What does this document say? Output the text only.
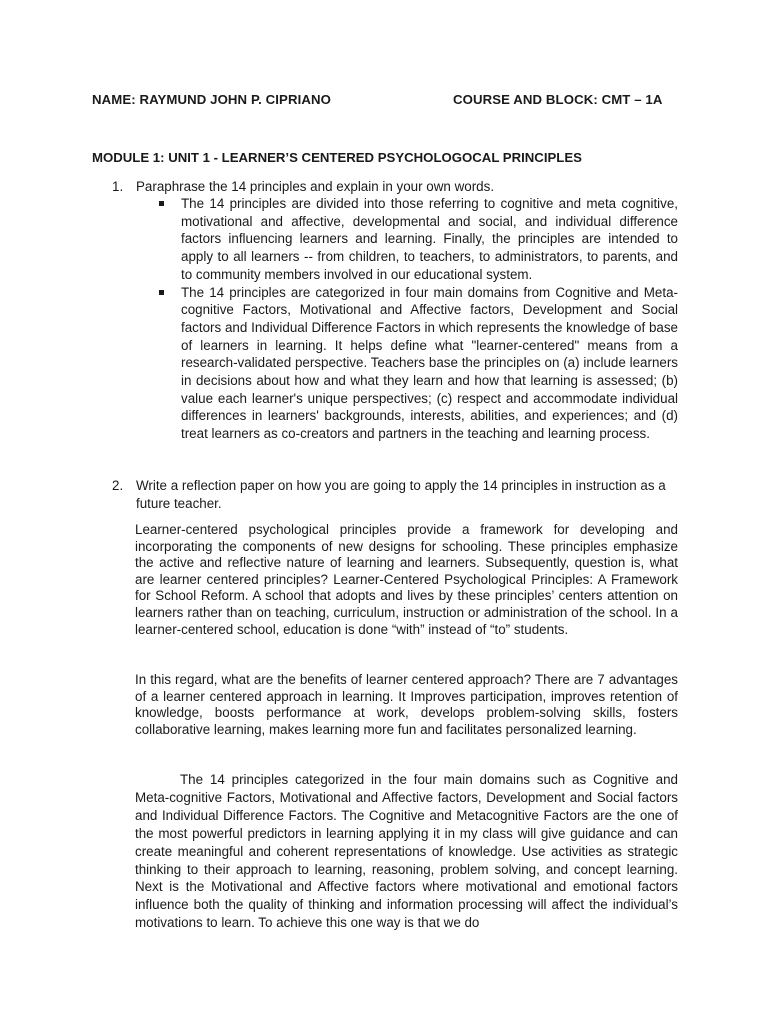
NAME: RAYMUND JOHN P. CIPRIANO	COURSE AND BLOCK: CMT – 1A
MODULE 1: UNIT 1 - LEARNER’S CENTERED PSYCHOLOGOCAL PRINCIPLES
1. Paraphrase the 14 principles and explain in your own words.
The 14 principles are divided into those referring to cognitive and meta cognitive, motivational and affective, developmental and social, and individual difference factors influencing learners and learning. Finally, the principles are intended to apply to all learners -- from children, to teachers, to administrators, to parents, and to community members involved in our educational system.
The 14 principles are categorized in four main domains from Cognitive and Meta-cognitive Factors, Motivational and Affective factors, Development and Social factors and Individual Difference Factors in which represents the knowledge of base of learners in learning. It helps define what "learner-centered" means from a research-validated perspective. Teachers base the principles on (a) include learners in decisions about how and what they learn and how that learning is assessed; (b) value each learner's unique perspectives; (c) respect and accommodate individual differences in learners' backgrounds, interests, abilities, and experiences; and (d) treat learners as co-creators and partners in the teaching and learning process.
2. Write a reflection paper on how you are going to apply the 14 principles in instruction as a future teacher.

Learner-centered psychological principles provide a framework for developing and incorporating the components of new designs for schooling. These principles emphasize the active and reflective nature of learning and learners. Subsequently, question is, what are learner centered principles? Learner-Centered Psychological Principles: A Framework for School Reform. A school that adopts and lives by these principles’ centers attention on learners rather than on teaching, curriculum, instruction or administration of the school. In a learner-centered school, education is done “with” instead of “to” students.

In this regard, what are the benefits of learner centered approach? There are 7 advantages of a learner centered approach in learning. It Improves participation, improves retention of knowledge, boosts performance at work, develops problem-solving skills, fosters collaborative learning, makes learning more fun and facilitates personalized learning.

The 14 principles categorized in the four main domains such as Cognitive and Meta-cognitive Factors, Motivational and Affective factors, Development and Social factors and Individual Difference Factors. The Cognitive and Metacognitive Factors are the one of the most powerful predictors in learning applying it in my class will give guidance and can create meaningful and coherent representations of knowledge. Use activities as strategic thinking to their approach to learning, reasoning, problem solving, and concept learning. Next is the Motivational and Affective factors where motivational and emotional factors influence both the quality of thinking and information processing will affect the individual’s motivations to learn. To achieve this one way is that we do
